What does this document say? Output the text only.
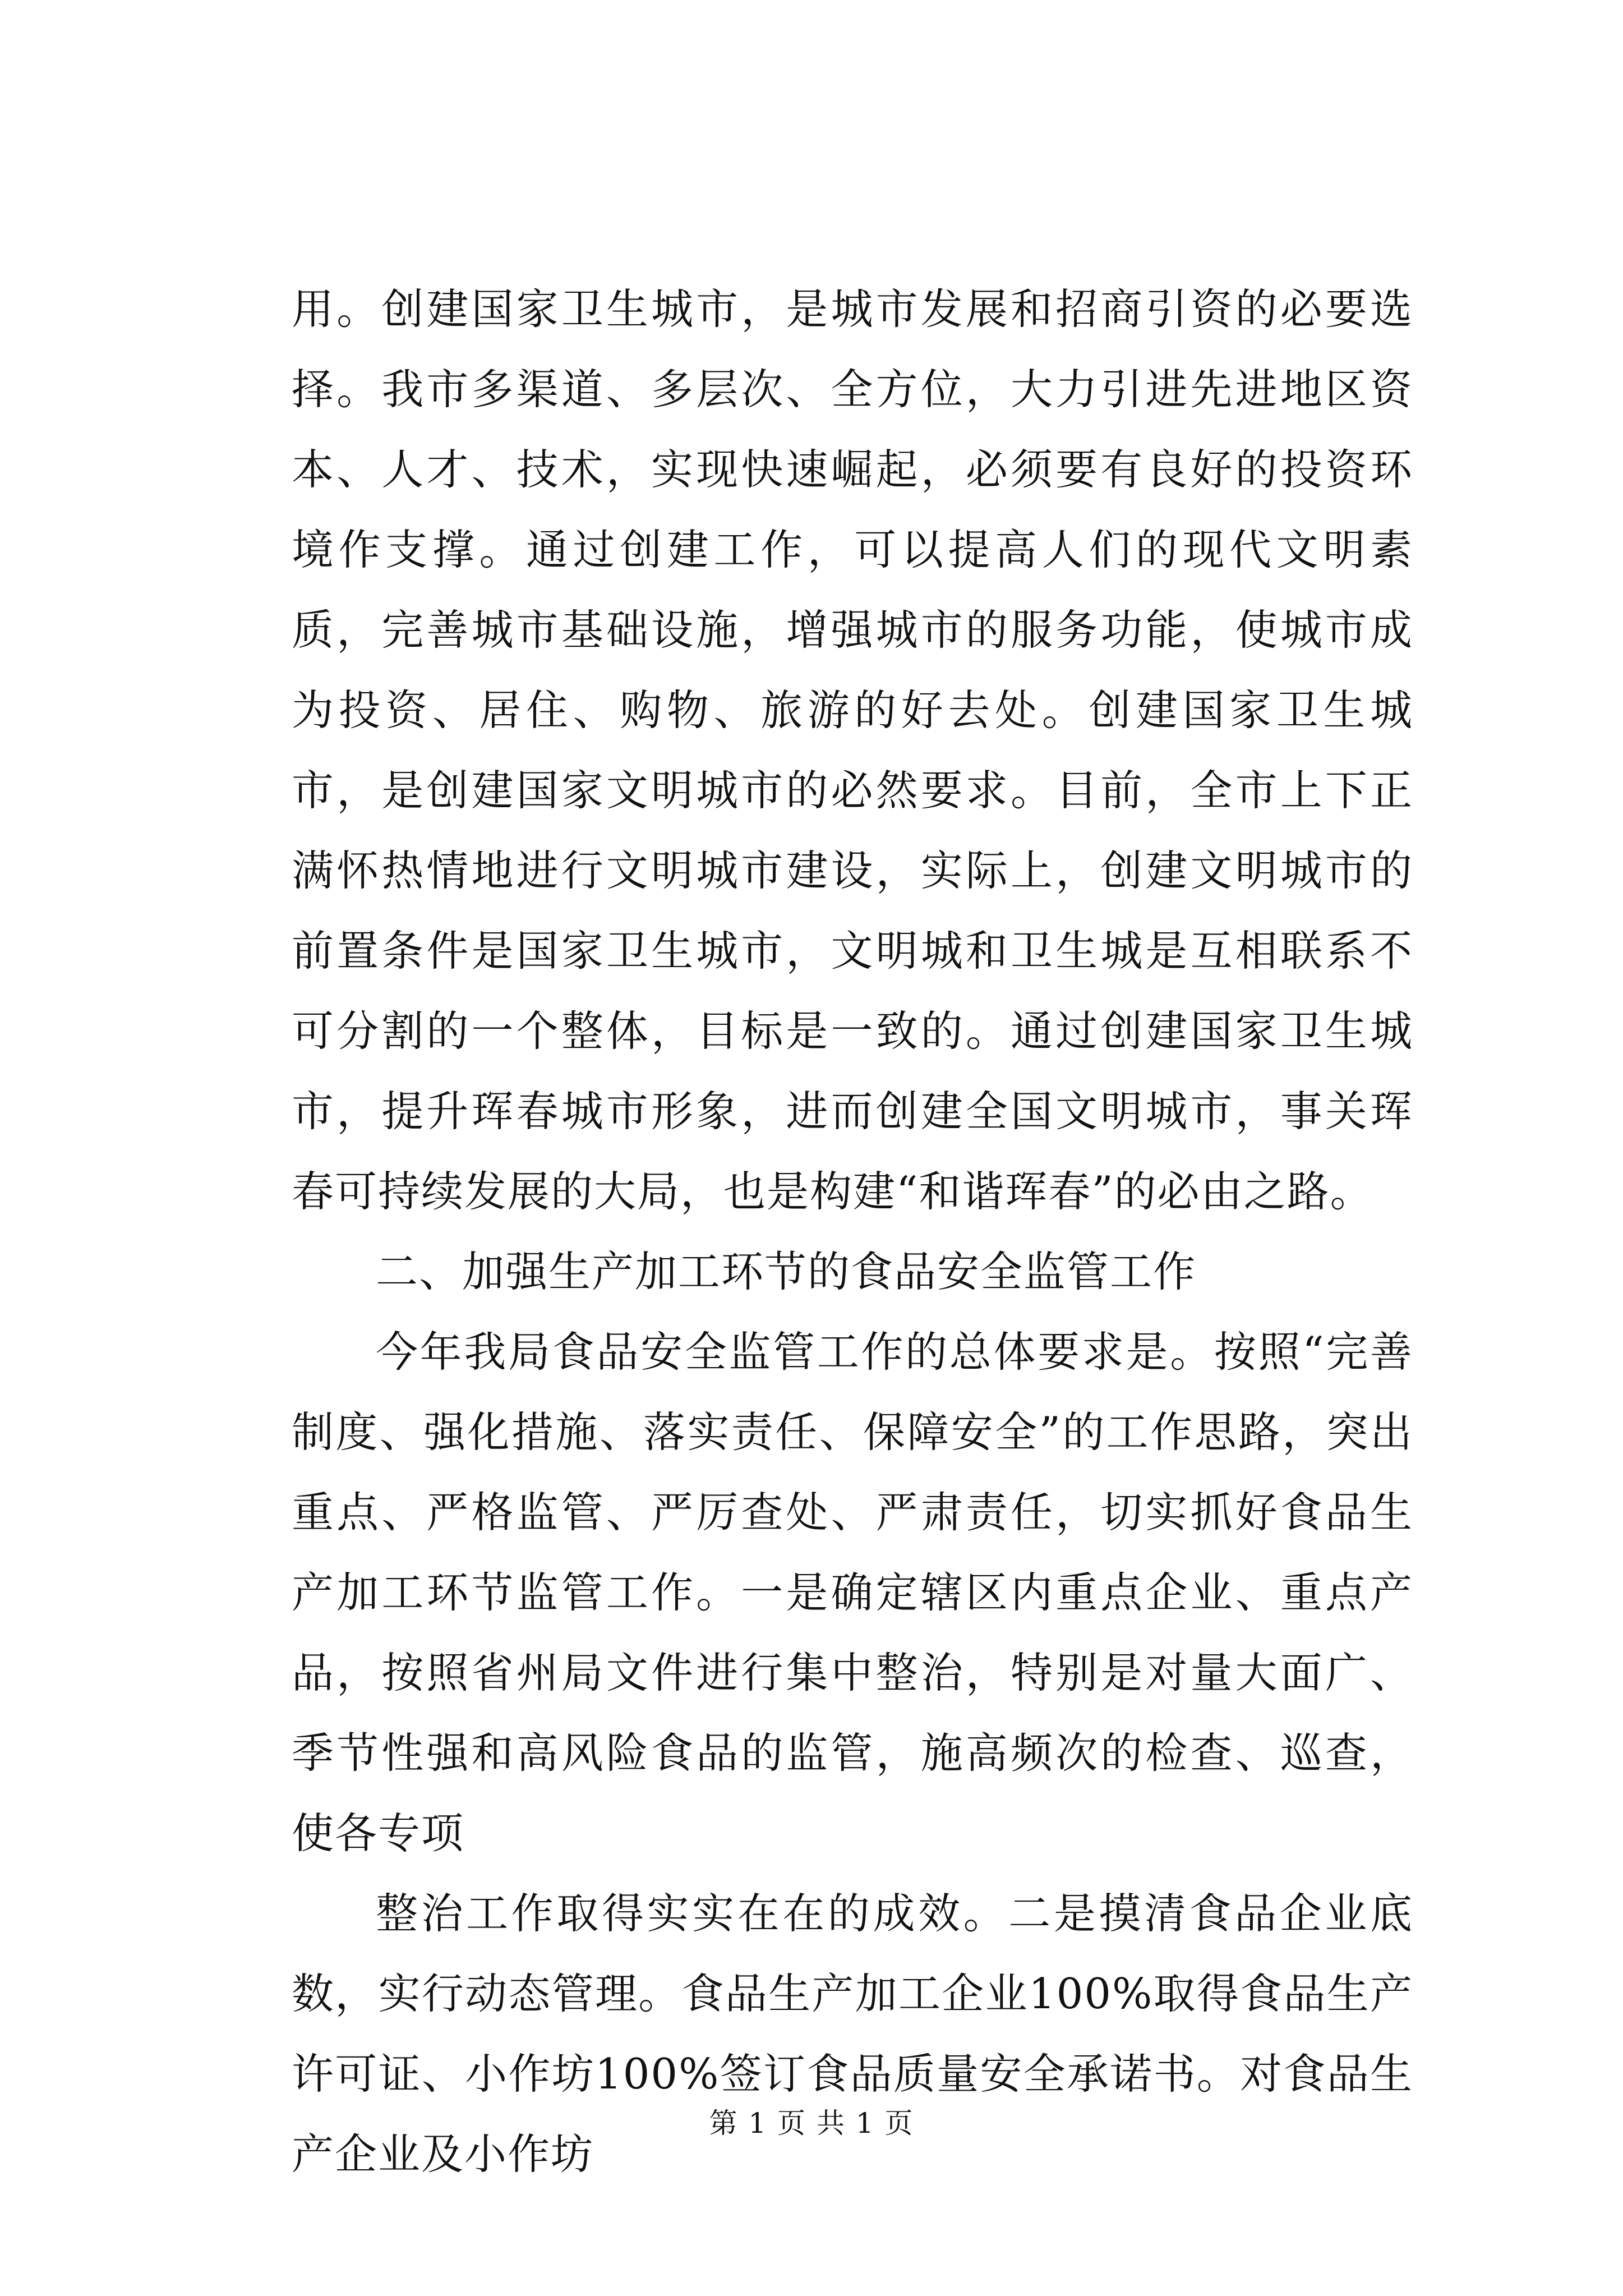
用。创建国家卫生城市，是城市发展和招商引资的必要选择。我市多渠道、多层次、全方位，大力引进先进地区资本、人才、技术，实现快速崛起，必须要有良好的投资环境作支撑。通过创建工作，可以提高人们的现代文明素质，完善城市基础设施，增强城市的服务功能，使城市成为投资、居住、购物、旅游的好去处。创建国家卫生城市，是创建国家文明城市的必然要求。目前，全市上下正满怀热情地进行文明城市建设，实际上，创建文明城市的前置条件是国家卫生城市，文明城和卫生城是互相联系不可分割的一个整体，目标是一致的。通过创建国家卫生城市，提升珲春城市形象，进而创建全国文明城市，事关珲春可持续发展的大局，也是构建“和谐珲春”的必由之路。

二、加强生产加工环节的食品安全监管工作

今年我局食品安全监管工作的总体要求是。按照“完善制度、强化措施、落实责任、保障安全”的工作思路，突出重点、严格监管、严厉查处、严肃责任，切实抓好食品生产加工环节监管工作。一是确定辖区内重点企业、重点产品，按照省州局文件进行集中整治，特别是对量大面广、季节性强和高风险食品的监管，施高频次的检查、巡查，使各专项

整治工作取得实实在在的成效。二是摸清食品企业底数，实行动态管理。食品生产加工企业100%取得食品生产许可证、小作坊100%签订食品质量安全承诺书。对食品生产企业及小作坊

第 1 页 共 1 页
